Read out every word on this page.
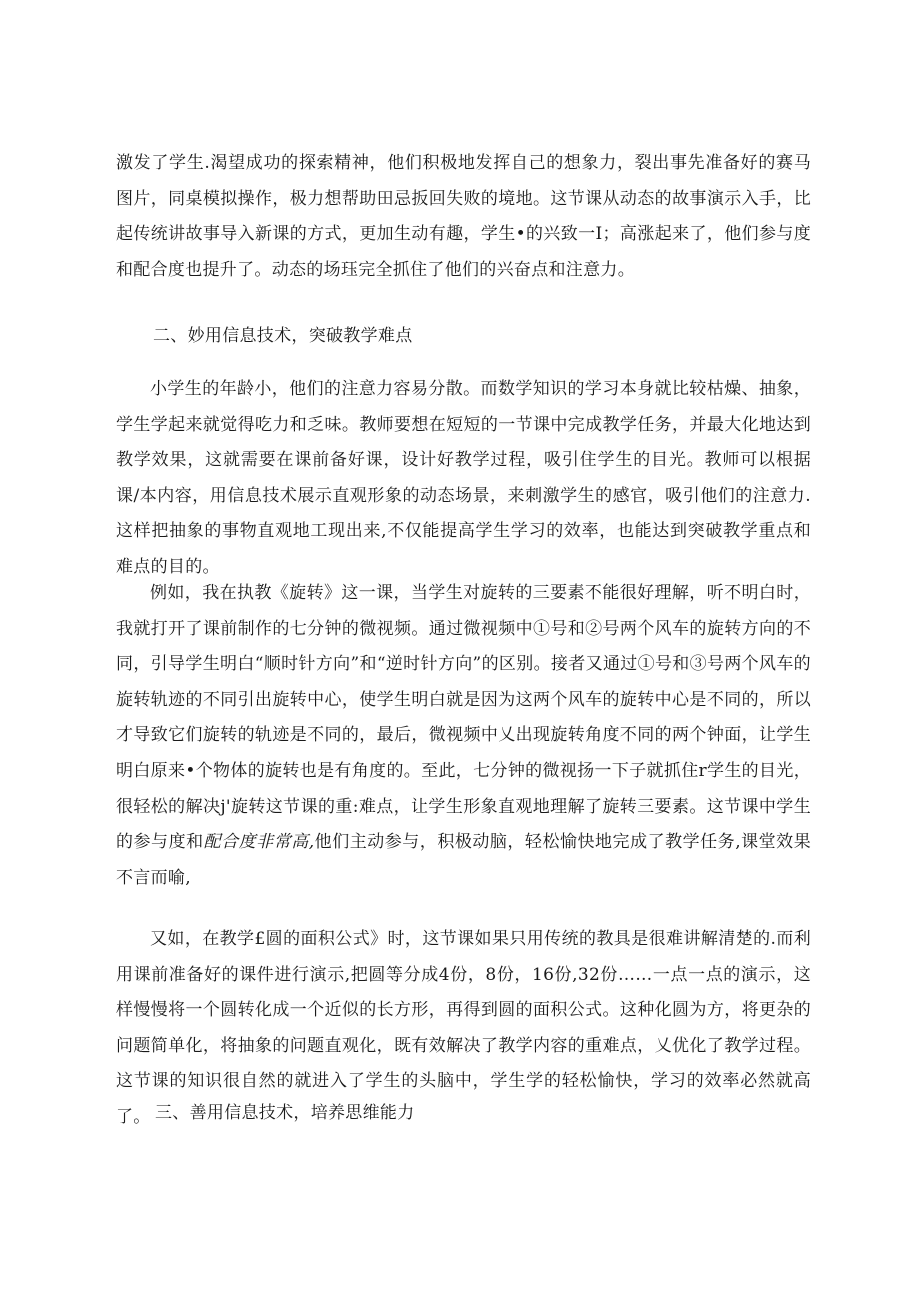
激发了学生.渴望成功的探索精神，他们积极地发挥自己的想象力，裂出事先准备好的赛马图片，同桌模拟操作，极力想帮助田忌扳回失败的境地。这节课从动态的故事演示入手，比起传统讲故事导入新课的方式，更加生动有趣，学生•的兴致一I；高涨起来了，他们参与度和配合度也提升了。动态的场珏完全抓住了他们的兴奋点和注意力。

二、妙用信息技术，突破教学难点

小学生的年龄小，他们的注意力容易分散。而数学知识的学习本身就比较枯燥、抽象，学生学起来就觉得吃力和乏味。教师要想在短短的一节课中完成教学任务，并最大化地达到教学效果，这就需要在课前备好课，设计好教学过程，吸引住学生的目光。教师可以根据课/本内容，用信息技术展示直观形象的动态场景，来刺激学生的感官，吸引他们的注意力.这样把抽象的事物直观地工现出来,不仅能提高学生学习的效率，也能达到突破教学重点和难点的目的。

例如，我在执教《旋转》这一课，当学生对旋转的三要素不能很好理解，听不明白时，我就打开了课前制作的七分钟的微视频。通过微视频中①号和②号两个风车的旋转方向的不同，引导学生明白“顺时针方向”和“逆时针方向”的区别。接者又通过①号和③号两个风车的旋转轨迹的不同引出旋转中心，使学生明白就是因为这两个风车的旋转中心是不同的，所以才导致它们旋转的轨迹是不同的，最后，微视频中乂出现旋转角度不同的两个钟面，让学生明白原来•个物体的旋转也是有角度的。至此，七分钟的微视扬一下子就抓住r学生的目光，很轻松的解决j'旋转这节课的重:难点，让学生形象直观地理解了旋转三要素。这节课中学生的参与度和配合度非常高,他们主动参与，积极动脑，轻松愉快地完成了教学任务,课堂效果不言而喻,

又如，在教学£圆的面积公式》时，这节课如果只用传统的教具是很难讲解清楚的.而利用课前准备好的课件进行演示,把圆等分成4份，8份，16份,32份……一点一点的演示，这样慢慢将一个圆转化成一个近似的长方形，再得到圆的面积公式。这种化圆为方，将更杂的问题简单化，将抽象的问题直观化，既有效解决了教学内容的重难点，乂优化了教学过程。这节课的知识很自然的就进入了学生的头脑中，学生学的轻松愉快，学习的效率必然就高了。 三、善用信息技术，培养思维能力
